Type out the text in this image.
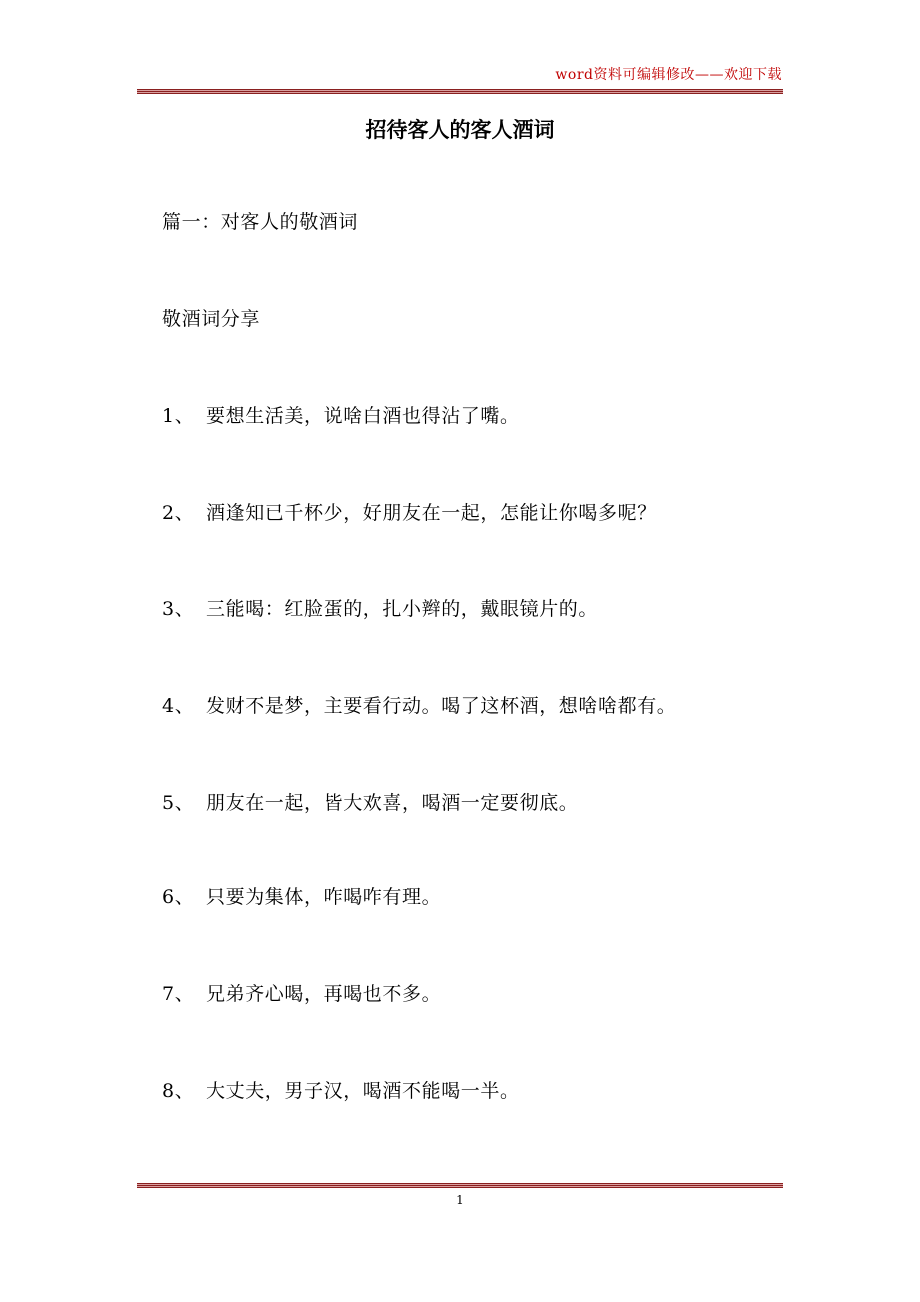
word资料可编辑修改——欢迎下载
招待客人的客人酒词
篇一：对客人的敬酒词
敬酒词分享
1、 要想生活美，说啥白酒也得沾了嘴。
2、 酒逢知已千杯少，好朋友在一起，怎能让你喝多呢？
3、 三能喝：红脸蛋的，扎小辫的，戴眼镜片的。
4、 发财不是梦，主要看行动。喝了这杯酒，想啥啥都有。
5、 朋友在一起，皆大欢喜，喝酒一定要彻底。
6、 只要为集体，咋喝咋有理。
7、 兄弟齐心喝，再喝也不多。
8、 大丈夫，男子汉，喝酒不能喝一半。
1
